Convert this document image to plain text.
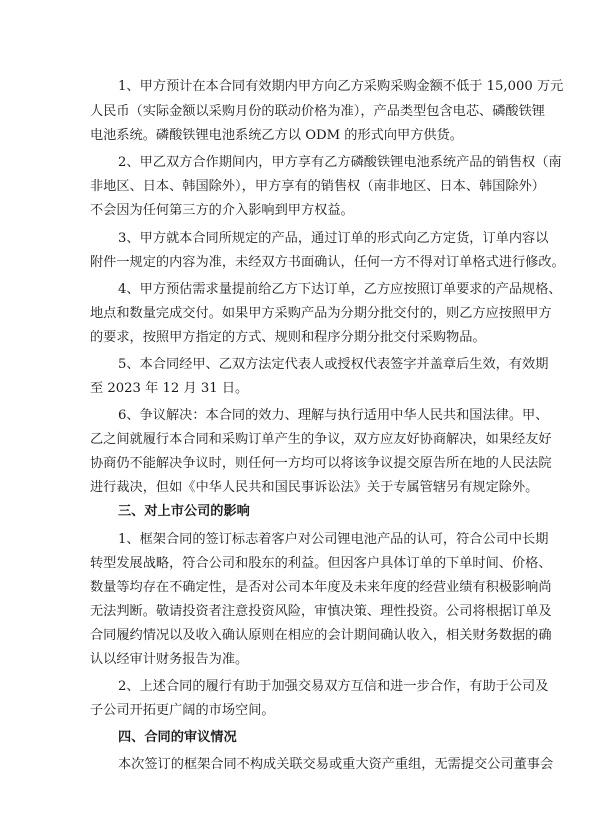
1、甲方预计在本合同有效期内甲方向乙方采购采购金额不低于 15,000 万元
人民币（实际金额以采购月份的联动价格为准），产品类型包含电芯、磷酸铁锂
电池系统。磷酸铁锂电池系统乙方以 ODM 的形式向甲方供货。
2、甲乙双方合作期间内，甲方享有乙方磷酸铁锂电池系统产品的销售权（南
非地区、日本、韩国除外），甲方享有的销售权（南非地区、日本、韩国除外）
不会因为任何第三方的介入影响到甲方权益。
3、甲方就本合同所规定的产品，通过订单的形式向乙方定货，订单内容以
附件一规定的内容为准，未经双方书面确认，任何一方不得对订单格式进行修改。
4、甲方预估需求量提前给乙方下达订单，乙方应按照订单要求的产品规格、
地点和数量完成交付。如果甲方采购产品为分期分批交付的，则乙方应按照甲方
的要求，按照甲方指定的方式、规则和程序分期分批交付采购物品。
5、本合同经甲、乙双方法定代表人或授权代表签字并盖章后生效，有效期
至 2023 年 12 月 31 日。
6、争议解决：本合同的效力、理解与执行适用中华人民共和国法律。甲、
乙之间就履行本合同和采购订单产生的争议，双方应友好协商解决，如果经友好
协商仍不能解决争议时，则任何一方均可以将该争议提交原告所在地的人民法院
进行裁决，但如《中华人民共和国民事诉讼法》关于专属管辖另有规定除外。
三、对上市公司的影响
1、框架合同的签订标志着客户对公司锂电池产品的认可，符合公司中长期
转型发展战略，符合公司和股东的利益。但因客户具体订单的下单时间、价格、
数量等均存在不确定性，是否对公司本年度及未来年度的经营业绩有积极影响尚
无法判断。敬请投资者注意投资风险，审慎决策、理性投资。公司将根据订单及
合同履约情况以及收入确认原则在相应的会计期间确认收入，相关财务数据的确
认以经审计财务报告为准。
2、上述合同的履行有助于加强交易双方互信和进一步合作，有助于公司及
子公司开拓更广阔的市场空间。
四、合同的审议情况
本次签订的框架合同不构成关联交易或重大资产重组，无需提交公司董事会
